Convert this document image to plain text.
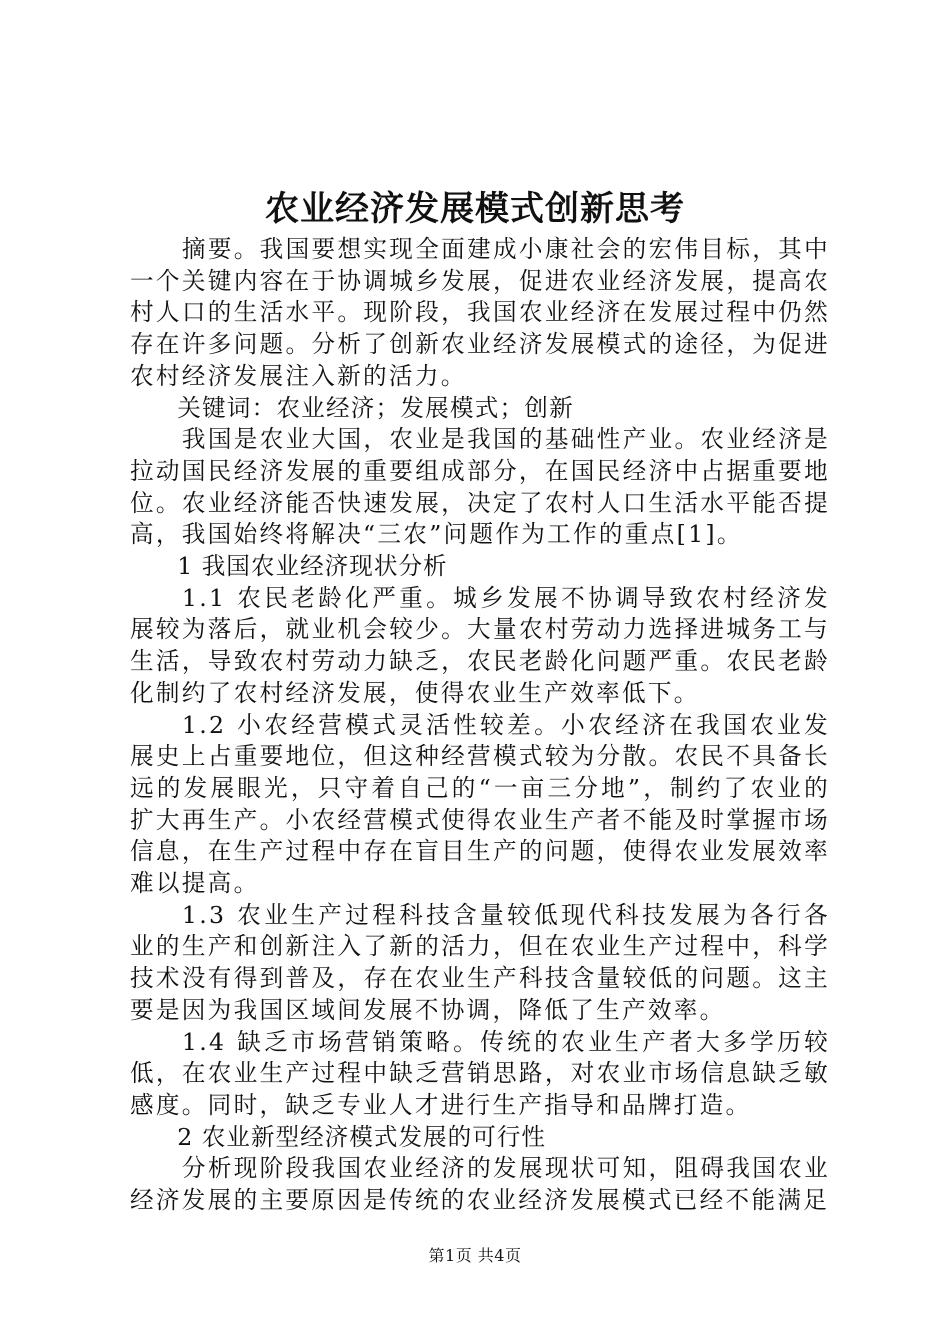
农业经济发展模式创新思考

摘要。我国要想实现全面建成小康社会的宏伟目标，其中一个关键内容在于协调城乡发展，促进农业经济发展，提高农村人口的生活水平。现阶段，我国农业经济在发展过程中仍然存在许多问题。分析了创新农业经济发展模式的途径，为促进农村经济发展注入新的活力。

关键词：农业经济；发展模式；创新

我国是农业大国，农业是我国的基础性产业。农业经济是拉动国民经济发展的重要组成部分，在国民经济中占据重要地位。农业经济能否快速发展，决定了农村人口生活水平能否提高，我国始终将解决“三农”问题作为工作的重点[1]。

1 我国农业经济现状分析

1.1 农民老龄化严重。城乡发展不协调导致农村经济发展较为落后，就业机会较少。大量农村劳动力选择进城务工与生活，导致农村劳动力缺乏，农民老龄化问题严重。农民老龄化制约了农村经济发展，使得农业生产效率低下。

1.2 小农经营模式灵活性较差。小农经济在我国农业发展史上占重要地位，但这种经营模式较为分散。农民不具备长远的发展眼光，只守着自己的“一亩三分地”，制约了农业的扩大再生产。小农经营模式使得农业生产者不能及时掌握市场信息，在生产过程中存在盲目生产的问题，使得农业发展效率难以提高。

1.3 农业生产过程科技含量较低现代科技发展为各行各业的生产和创新注入了新的活力，但在农业生产过程中，科学技术没有得到普及，存在农业生产科技含量较低的问题。这主要是因为我国区域间发展不协调，降低了生产效率。

1.4 缺乏市场营销策略。传统的农业生产者大多学历较低，在农业生产过程中缺乏营销思路，对农业市场信息缺乏敏感度。同时，缺乏专业人才进行生产指导和品牌打造。

2 农业新型经济模式发展的可行性

分析现阶段我国农业经济的发展现状可知，阻碍我国农业经济发展的主要原因是传统的农业经济发展模式已经不能满足

第1页 共4页
